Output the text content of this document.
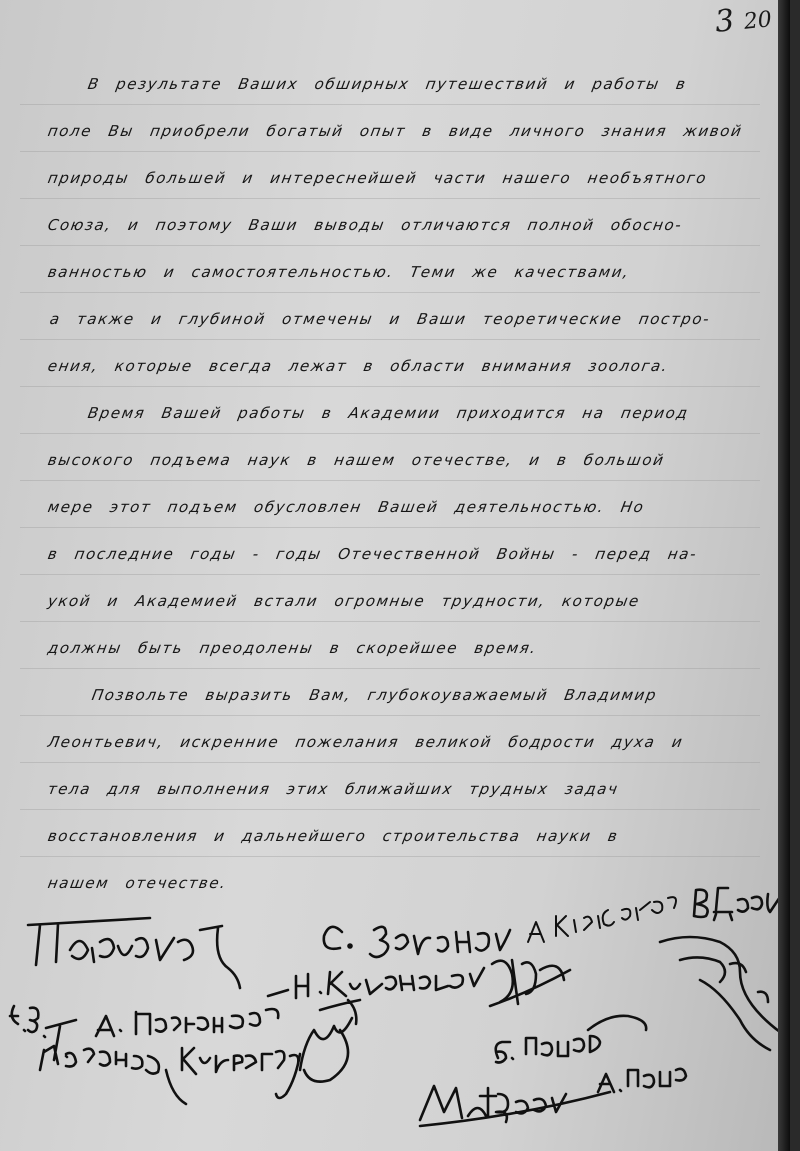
3 20
В результате Ваших обширных путешествий и работы в
поле Вы приобрели богатый опыт в виде личного знания живой
природы большей и интереснейшей части нашего необъятного
Союза, и поэтому Ваши выводы отличаются полной обосно-
ванностью и самостоятельностью. Теми же качествами,
а также и глубиной отмечены и Ваши теоретические постро-
ения, которые всегда лежат в области внимания зоолога.
Время Вашей работы в Академии приходится на период
высокого подъема наук в нашем отечестве, и в большой
мере этот подъем обусловлен Вашей деятельностью. Но
в последние годы - годы Отечественной Войны - перед на-
укой и Академией встали огромные трудности, которые
должны быть преодолены в скорейшее время.
Позвольте выразить Вам, глубокоуважаемый Владимир
Леонтьевич, искренние пожелания великой бодрости духа и
тела для выполнения этих ближайших трудных задач
восстановления и дальнейшего строительства науки в
нашем отечестве.
